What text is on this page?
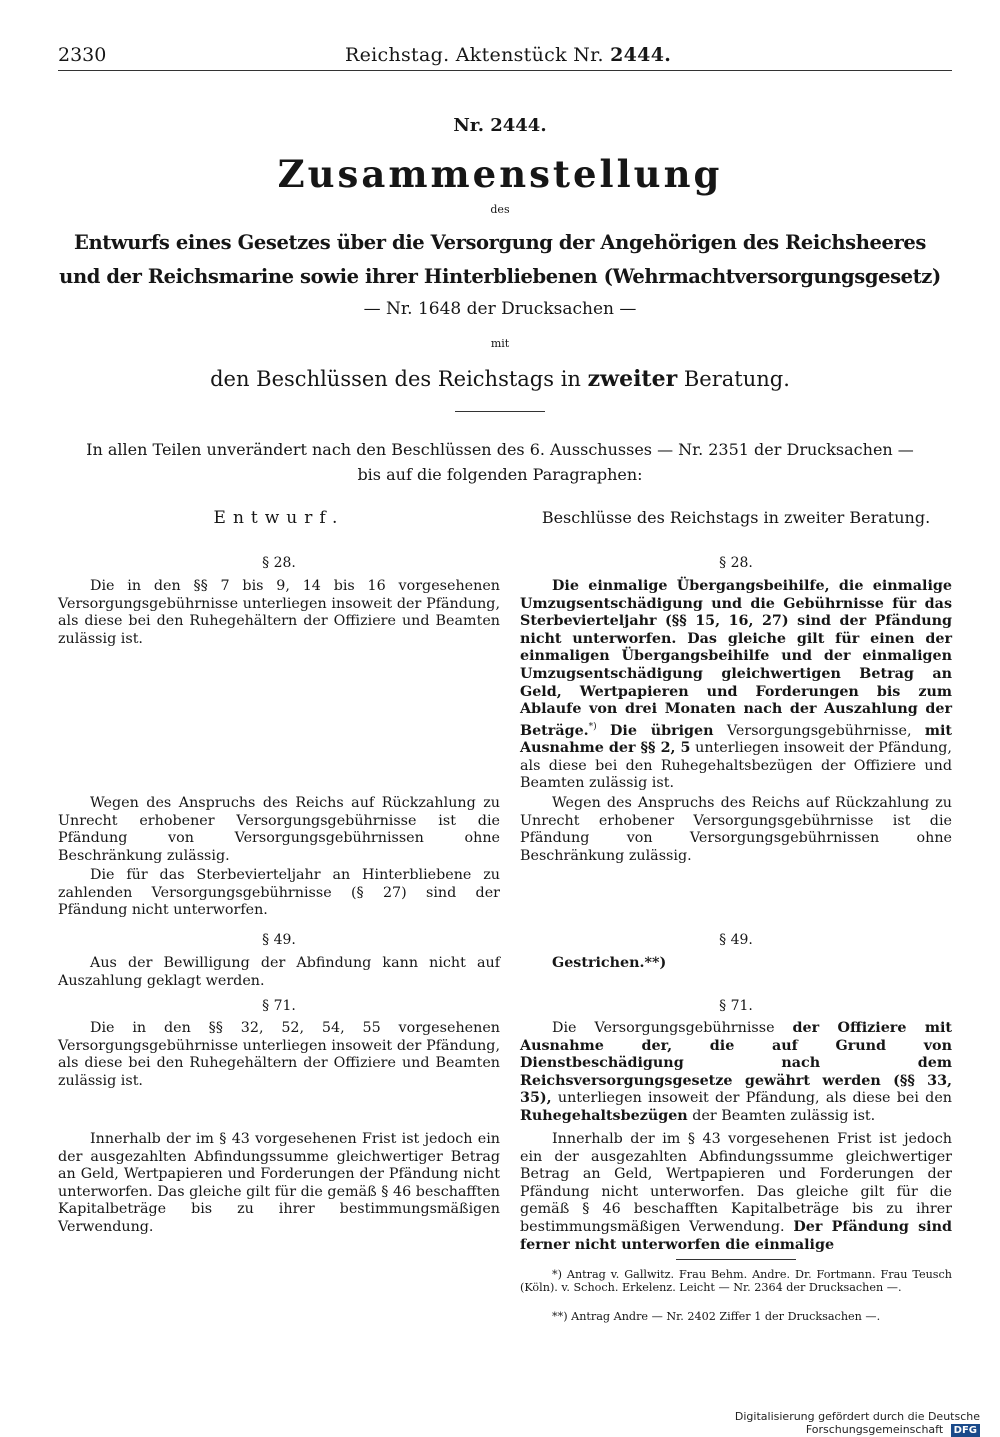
2330	Reichstag. Aktenstück Nr. 2444.
Nr. 2444.
Zusammenstellung
des
Entwurfs eines Gesetzes über die Versorgung der Angehörigen des Reichsheeres
und der Reichsmarine sowie ihrer Hinterbliebenen (Wehrmachtversorgungsgesetz)
— Nr. 1648 der Drucksachen —
mit
den Beschlüssen des Reichstags in zweiter Beratung.
In allen Teilen unverändert nach den Beschlüssen des 6. Ausschusses — Nr. 2351 der Drucksachen —
bis auf die folgenden Paragraphen:
Entwurf.	Beschlüsse des Reichstags in zweiter Beratung.
§ 28.

Die in den §§ 7 bis 9, 14 bis 16 vorgesehenen Versorgungsgebührnisse unterliegen insoweit der Pfändung, als diese bei den Ruhegehältern der Offiziere und Beamten zulässig ist.

Wegen des Anspruchs des Reichs auf Rückzahlung zu Unrecht erhobener Versorgungsgebührnisse ist die Pfändung von Versorgungsgebührnissen ohne Beschränkung zulässig.

Die für das Sterbevierteljahr an Hinterbliebene zu zahlenden Versorgungsgebührnisse (§ 27) sind der Pfändung nicht unterworfen.

§ 49.

Aus der Bewilligung der Abfindung kann nicht auf Auszahlung geklagt werden.

§ 71.

Die in den §§ 32, 52, 54, 55 vorgesehenen Versorgungsgebührnisse unterliegen insoweit der Pfändung, als diese bei den Ruhegehältern der Offiziere und Beamten zulässig ist.

Innerhalb der im § 43 vorgesehenen Frist ist jedoch ein der ausgezahlten Abfindungssumme gleichwertiger Betrag an Geld, Wertpapieren und Forderungen der Pfändung nicht unterworfen. Das gleiche gilt für die gemäß § 46 beschafften Kapitalbeträge bis zu ihrer bestimmungsmäßigen Verwendung.

§ 28.

Die einmalige Übergangsbeihilfe, die einmalige Umzugsentschädigung und die Gebührnisse für das Sterbevierteljahr (§§ 15, 16, 27) sind der Pfändung nicht unterworfen. Das gleiche gilt für einen der einmaligen Übergangsbeihilfe und der einmaligen Umzugsentschädigung gleichwertigen Betrag an Geld, Wertpapieren und Forderungen bis zum Ablaufe von drei Monaten nach der Auszahlung der Beträge.*) Die übrigen Versorgungsgebührnisse, mit Ausnahme der §§ 2, 5 unterliegen insoweit der Pfändung, als diese bei den Ruhegehaltsbezügen der Offiziere und Beamten zulässig ist.

Wegen des Anspruchs des Reichs auf Rückzahlung zu Unrecht erhobener Versorgungsgebührnisse ist die Pfändung von Versorgungsgebührnissen ohne Beschränkung zulässig.

§ 49.

Gestrichen.**)

§ 71.

Die Versorgungsgebührnisse der Offiziere mit Ausnahme der, die auf Grund von Dienstbeschädigung nach dem Reichsversorgungsgesetze gewährt werden (§§ 33, 35), unterliegen insoweit der Pfändung, als diese bei den Ruhegehaltsbezügen der Beamten zulässig ist.

Innerhalb der im § 43 vorgesehenen Frist ist jedoch ein der ausgezahlten Abfindungssumme gleichwertiger Betrag an Geld, Wertpapieren und Forderungen der Pfändung nicht unterworfen. Das gleiche gilt für die gemäß § 46 beschafften Kapitalbeträge bis zu ihrer bestimmungsmäßigen Verwendung. Der Pfändung sind ferner nicht unterworfen die einmalige

*) Antrag v. Gallwitz. Frau Behm. Andre. Dr. Fortmann. Frau Teusch (Köln). v. Schoch. Erkelenz. Leicht — Nr. 2364 der Drucksachen —.

**) Antrag Andre — Nr. 2402 Ziffer 1 der Drucksachen —.

Digitalisierung gefördert durch die Deutsche Forschungsgemeinschaft DFG
